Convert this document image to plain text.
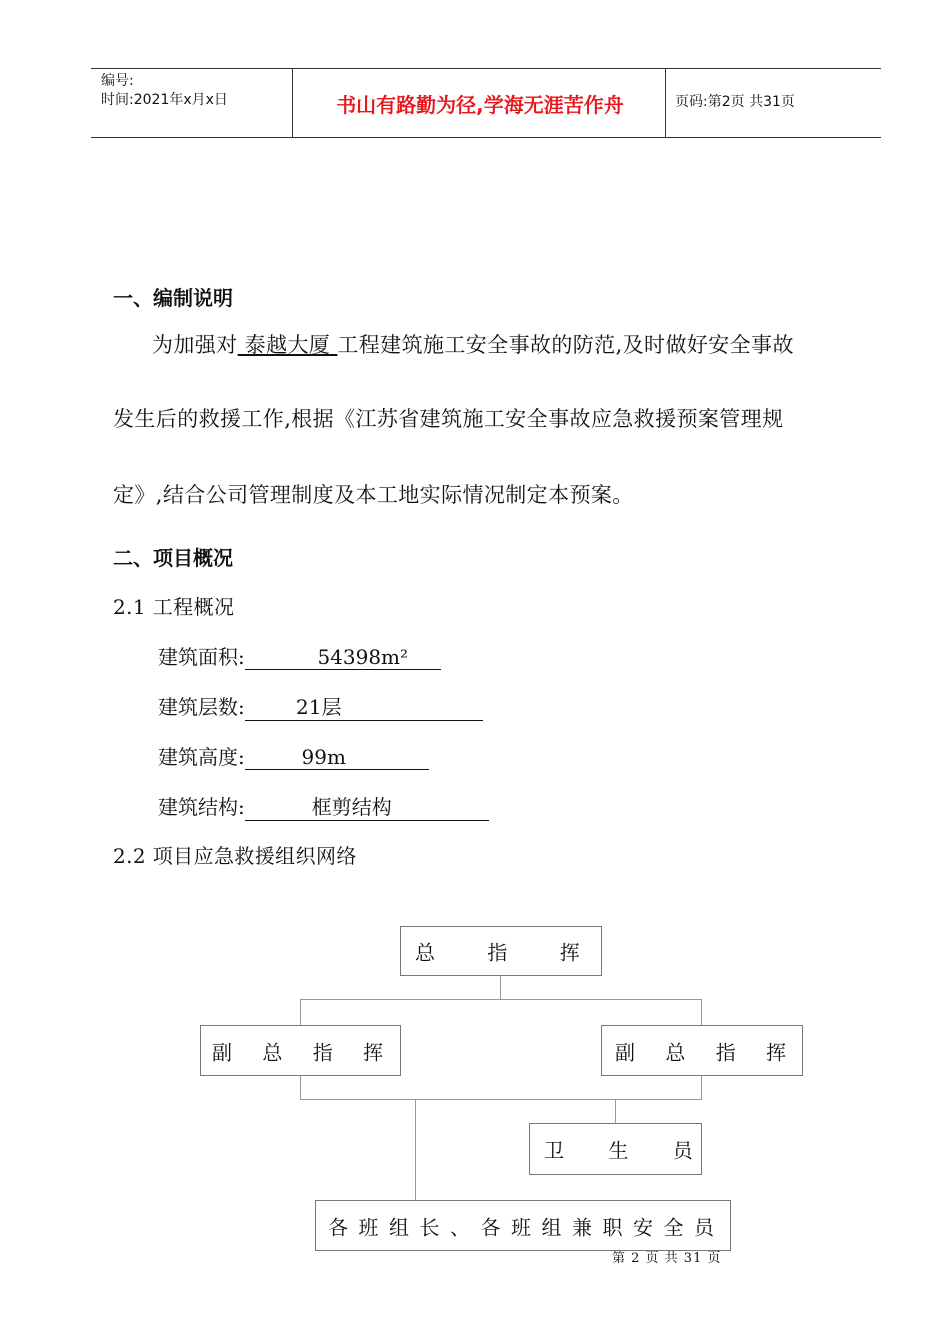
编号:
时间:2021年x月x日	书山有路勤为径,学海无涯苦作舟	页码:第2页 共31页
一、编制说明
为加强对 泰越大厦 工程建筑施工安全事故的防范,及时做好安全事故
发生后的救援工作,根据《江苏省建筑施工安全事故应急救援预案管理规
定》,结合公司管理制度及本工地实际情况制定本预案。
二、项目概况
2.1 工程概况
建筑面积:	54398m²
建筑层数:	21层
建筑高度:	99m
建筑结构:	框剪结构
2.2 项目应急救援组织网络
总 指 挥
副 总 指 挥	副 总 指 挥
卫 生 员
各班组长、各班组兼职安全员
第 2 页 共 31 页
